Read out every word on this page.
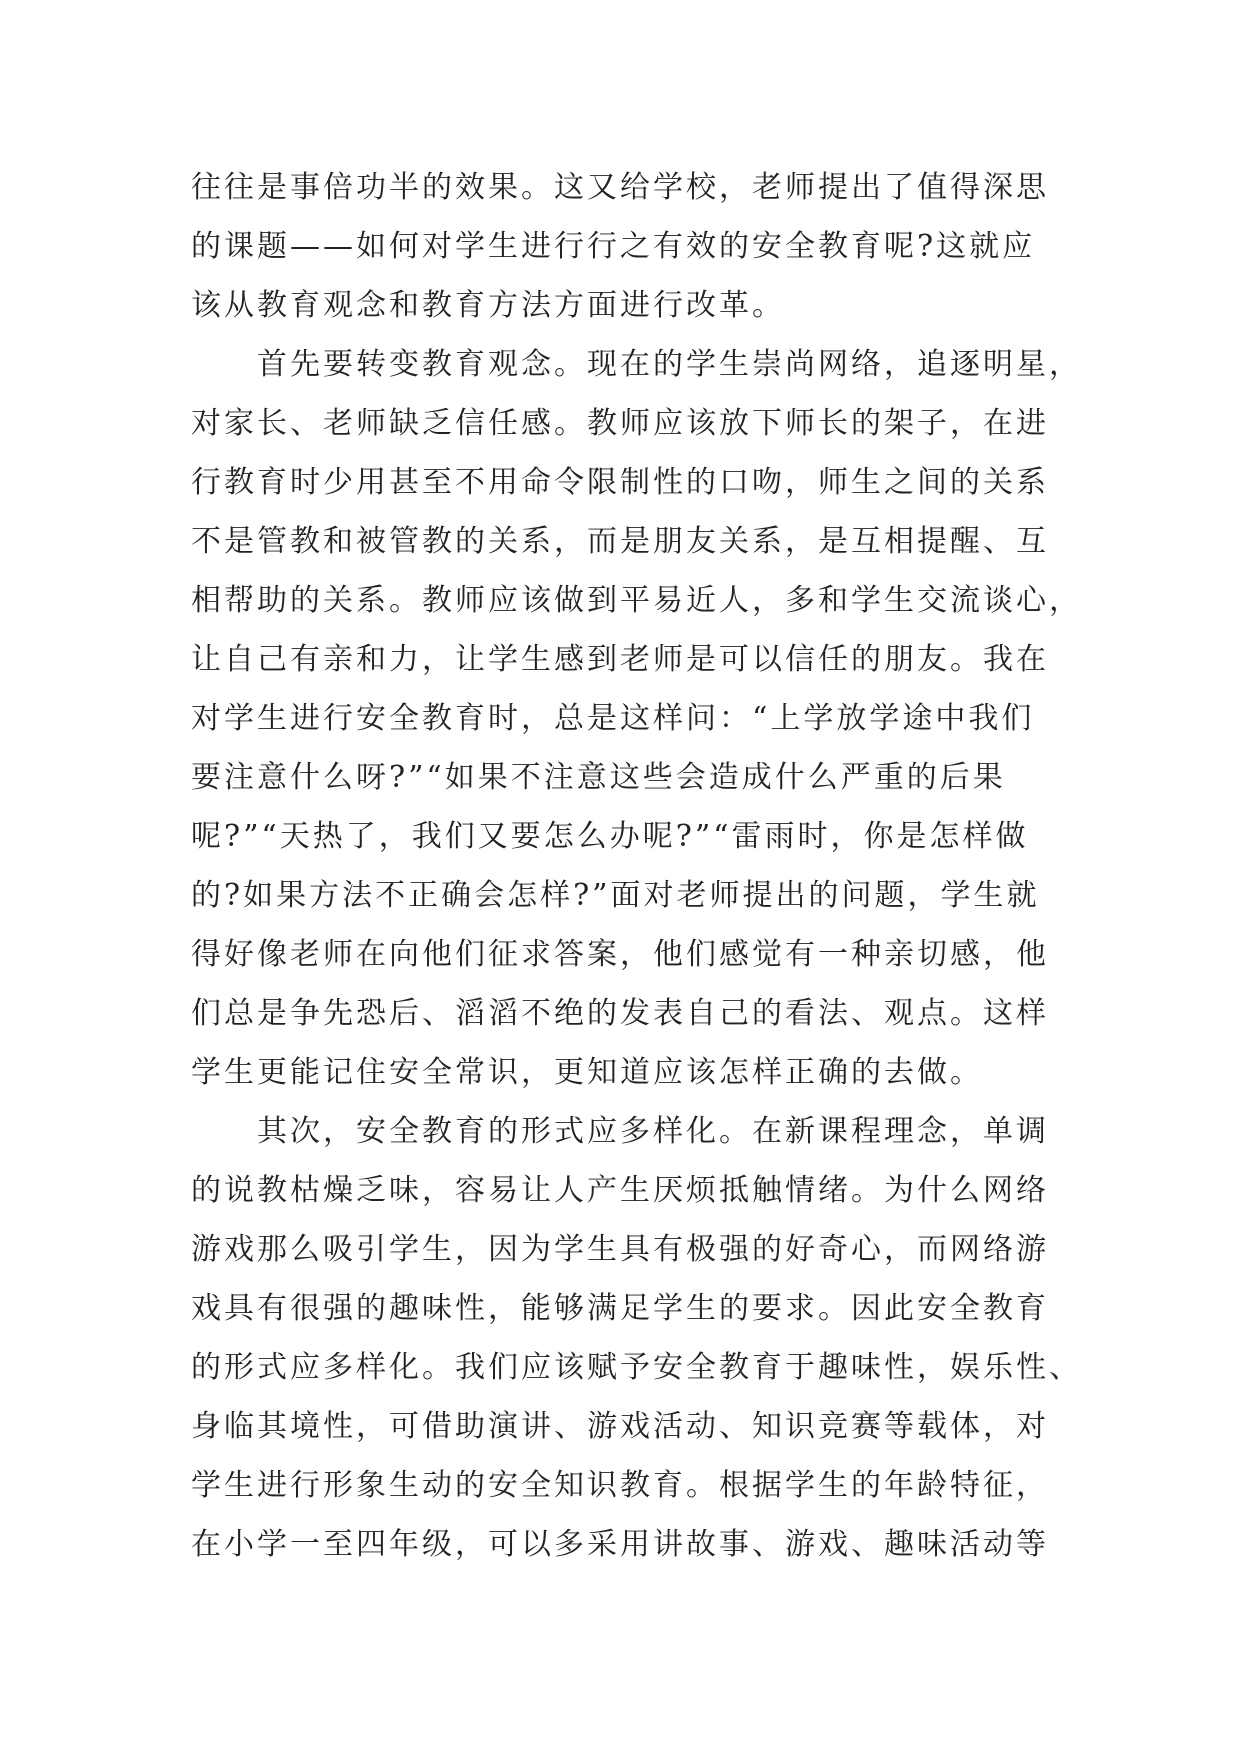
往往是事倍功半的效果。这又给学校，老师提出了值得深思
的课题——如何对学生进行行之有效的安全教育呢?这就应
该从教育观念和教育方法方面进行改革。
首先要转变教育观念。现在的学生崇尚网络，追逐明星，
对家长、老师缺乏信任感。教师应该放下师长的架子，在进
行教育时少用甚至不用命令限制性的口吻，师生之间的关系
不是管教和被管教的关系，而是朋友关系，是互相提醒、互
相帮助的关系。教师应该做到平易近人，多和学生交流谈心，
让自己有亲和力，让学生感到老师是可以信任的朋友。我在
对学生进行安全教育时，总是这样问：“上学放学途中我们
要注意什么呀?”“如果不注意这些会造成什么严重的后果
呢?”“天热了，我们又要怎么办呢?”“雷雨时，你是怎样做
的?如果方法不正确会怎样?”面对老师提出的问题，学生就
得好像老师在向他们征求答案，他们感觉有一种亲切感，他
们总是争先恐后、滔滔不绝的发表自己的看法、观点。这样
学生更能记住安全常识，更知道应该怎样正确的去做。
其次，安全教育的形式应多样化。在新课程理念，单调
的说教枯燥乏味，容易让人产生厌烦抵触情绪。为什么网络
游戏那么吸引学生，因为学生具有极强的好奇心，而网络游
戏具有很强的趣味性，能够满足学生的要求。因此安全教育
的形式应多样化。我们应该赋予安全教育于趣味性，娱乐性、
身临其境性，可借助演讲、游戏活动、知识竞赛等载体，对
学生进行形象生动的安全知识教育。根据学生的年龄特征，
在小学一至四年级，可以多采用讲故事、游戏、趣味活动等
